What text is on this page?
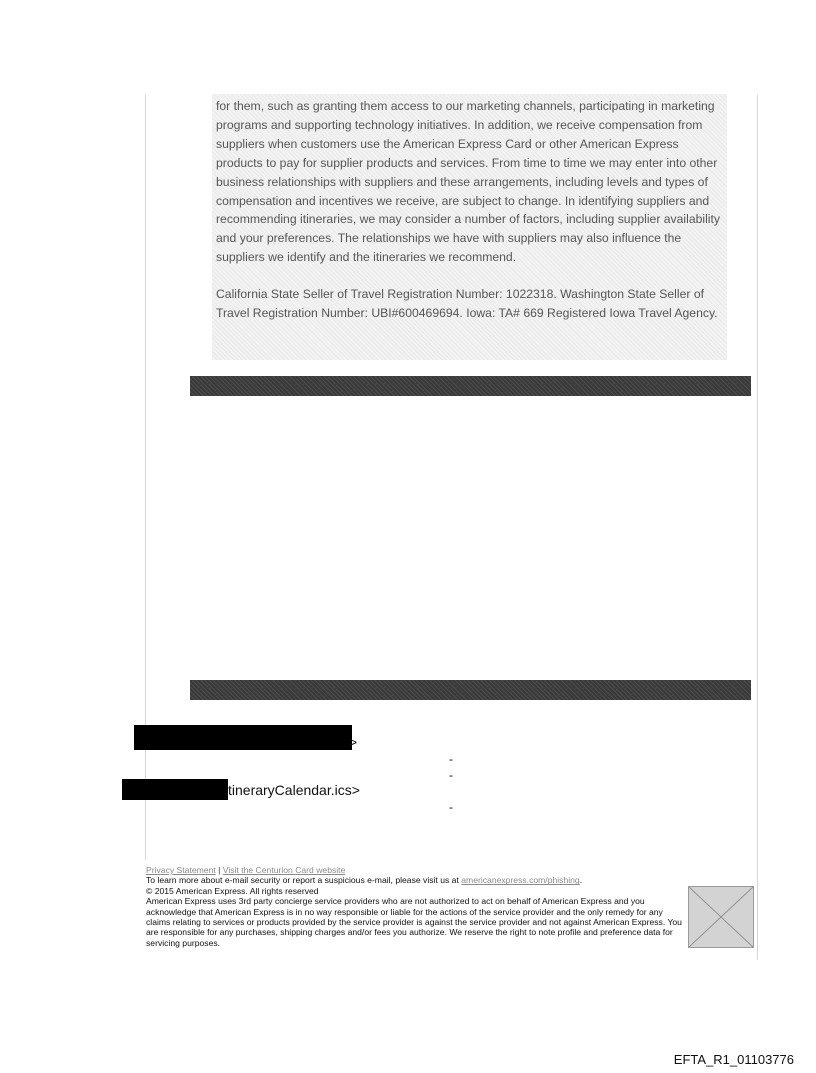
for them, such as granting them access to our marketing channels, participating in marketing programs and supporting technology initiatives. In addition, we receive compensation from suppliers when customers use the American Express Card or other American Express products to pay for supplier products and services. From time to time we may enter into other business relationships with suppliers and these arrangements, including levels and types of compensation and incentives we receive, are subject to change. In identifying suppliers and recommending itineraries, we may consider a number of factors, including supplier availability and your preferences. The relationships we have with suppliers may also influence the suppliers we identify and the itineraries we recommend.

California State Seller of Travel Registration Number: 1022318. Washington State Seller of Travel Registration Number: UBI#600469694. Iowa: TA# 669 Registered Iowa Travel Agency.

>
-
-
tineraryCalendar.ics>
-

Privacy Statement | Visit the Centurion Card website

To learn more about e-mail security or report a suspicious e-mail, please visit us at americanexpress.com/phishing.

© 2015 American Express. All rights reserved

American Express uses 3rd party concierge service providers who are not authorized to act on behalf of American Express and you acknowledge that American Express is in no way responsible or liable for the actions of the service provider and the only remedy for any claims relating to services or products provided by the service provider is against the service provider and not against American Express. You are responsible for any purchases, shipping charges and/or fees you authorize. We reserve the right to note profile and preference data for servicing purposes.

EFTA_R1_01103776
